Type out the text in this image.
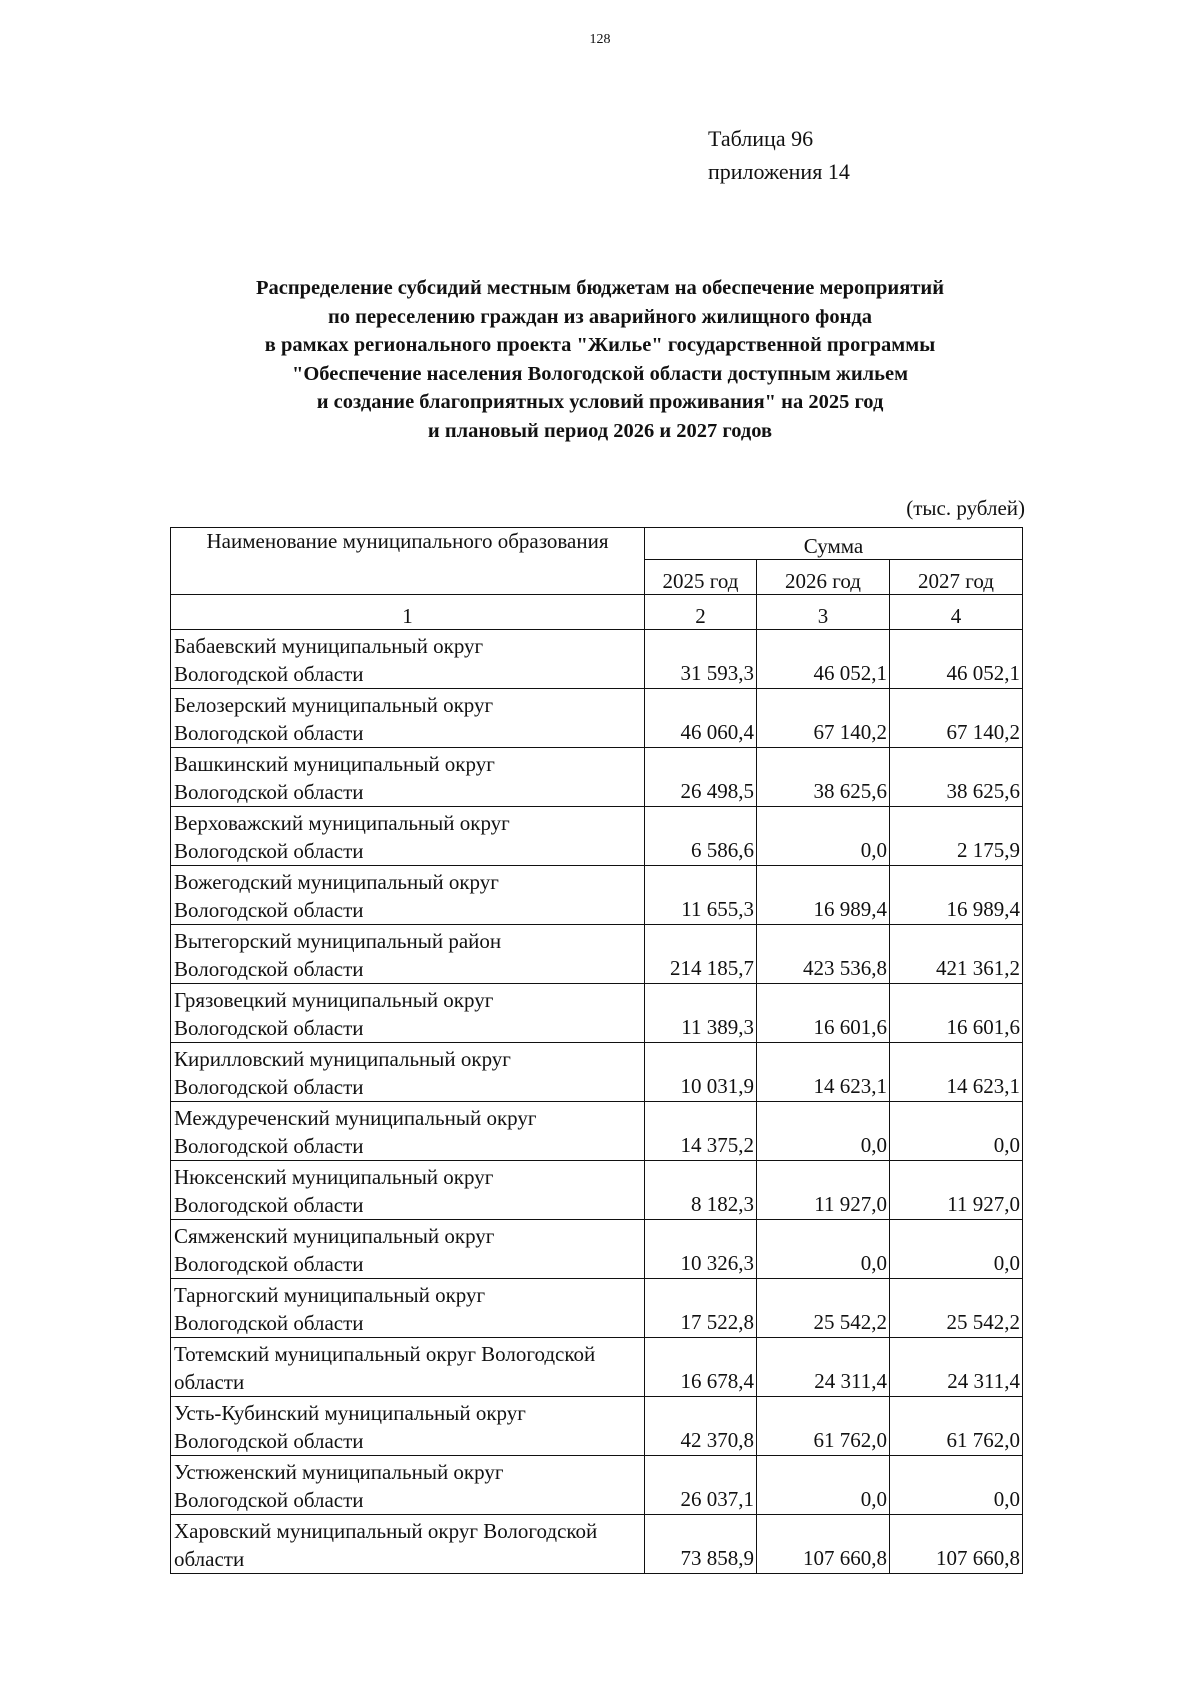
128
Таблица 96
приложения 14
Распределение субсидий местным бюджетам на обеспечение мероприятий
по переселению граждан из аварийного жилищного фонда
в рамках регионального проекта "Жилье" государственной программы
"Обеспечение населения Вологодской области доступным жильем
и создание благоприятных условий проживания" на 2025 год
и плановый период 2026 и 2027 годов
(тыс. рублей)
Наименование муниципального образования	Сумма		
	2025 год	2026 год	2027 год
1	2	3	4

Бабаевский муниципальный округ
Вологодской области	31 593,3	46 052,1	46 052,1

Белозерский муниципальный округ
Вологодской области	46 060,4	67 140,2	67 140,2

Вашкинский муниципальный округ
Вологодской области	26 498,5	38 625,6	38 625,6

Верховажский муниципальный округ
Вологодской области	6 586,6	0,0	2 175,9

Вожегодский муниципальный округ
Вологодской области	11 655,3	16 989,4	16 989,4

Вытегорский муниципальный район
Вологодской области	214 185,7	423 536,8	421 361,2

Грязовецкий муниципальный округ
Вологодской области	11 389,3	16 601,6	16 601,6

Кирилловский муниципальный округ
Вологодской области	10 031,9	14 623,1	14 623,1

Междуреченский муниципальный округ
Вологодской области	14 375,2	0,0	0,0

Нюксенский муниципальный округ
Вологодской области	8 182,3	11 927,0	11 927,0

Сямженский муниципальный округ
Вологодской области	10 326,3	0,0	0,0

Тарногский муниципальный округ
Вологодской области	17 522,8	25 542,2	25 542,2

Тотемский муниципальный округ Вологодской
области	16 678,4	24 311,4	24 311,4

Усть-Кубинский муниципальный округ
Вологодской области	42 370,8	61 762,0	61 762,0

Устюженский муниципальный округ
Вологодской области	26 037,1	0,0	0,0

Харовский муниципальный округ Вологодской
области	73 858,9	107 660,8	107 660,8
